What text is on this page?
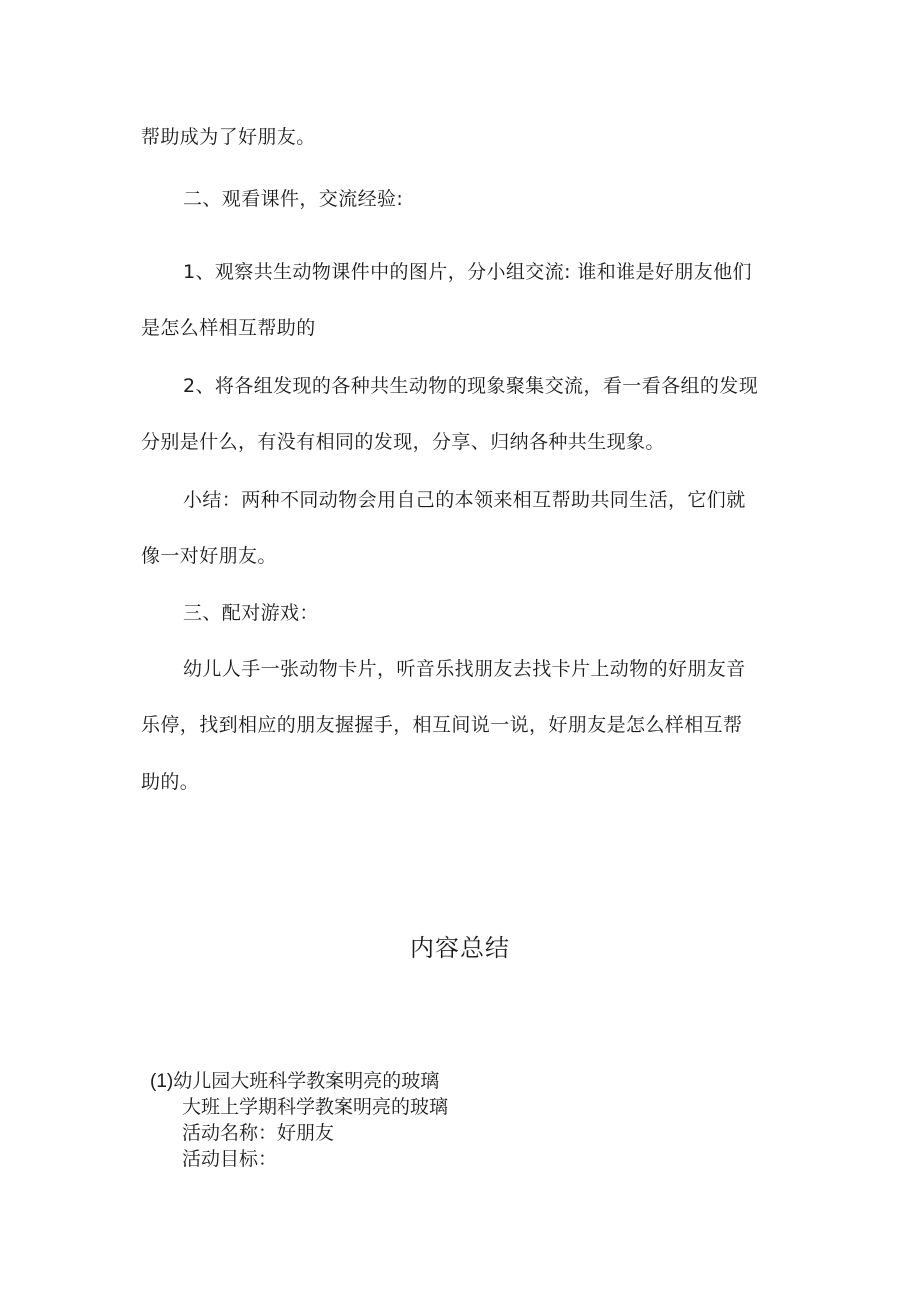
帮助成为了好朋友。
二、观看课件，交流经验:
1、观察共生动物课件中的图片，分小组交流: 谁和谁是好朋友他们
是怎么样相互帮助的
2、将各组发现的各种共生动物的现象聚集交流，看一看各组的发现
分别是什么，有没有相同的发现，分享、归纳各种共生现象。
小结：两种不同动物会用自己的本领来相互帮助共同生活，它们就
像一对好朋友。
三、配对游戏：
幼儿人手一张动物卡片，听音乐找朋友去找卡片上动物的好朋友音
乐停，找到相应的朋友握握手，相互间说一说，好朋友是怎么样相互帮
助的。
内容总结
(1)幼儿园大班科学教案明亮的玻璃
大班上学期科学教案明亮的玻璃
活动名称：好朋友
活动目标：
